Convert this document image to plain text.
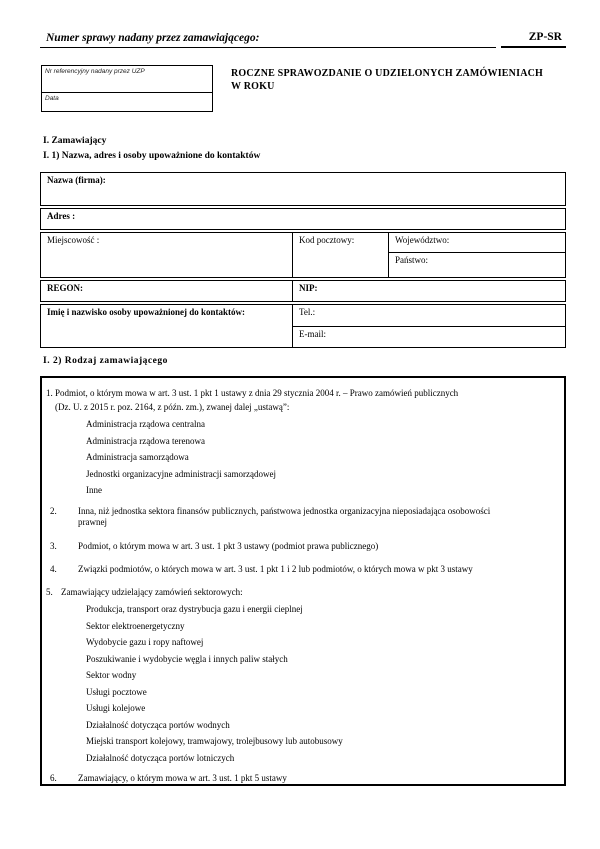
Numer sprawy nadany przez zamawiającego:	ZP-SR
Nr referencyjny nadany przez UZP
Data
ROCZNE SPRAWOZDANIE O UDZIELONYCH ZAMÓWIENIACH
W ROKU
I. Zamawiający
I. 1) Nazwa, adres i osoby upoważnione do kontaktów
Nazwa (firma):
Adres :
Miejscowość :	Kod pocztowy:	Województwo:
Państwo:
REGON:	NIP:
Imię i nazwisko osoby upoważnionej do kontaktów:	Tel.:
E-mail:
I. 2) Rodzaj zamawiającego
1. Podmiot, o którym mowa w art. 3 ust. 1 pkt 1 ustawy z dnia 29 stycznia 2004 r. – Prawo zamówień publicznych
(Dz. U. z 2015 r. poz. 2164, z późn. zm.), zwanej dalej „ustawą”:
Administracja rządowa centralna
Administracja rządowa terenowa
Administracja samorządowa
Jednostki organizacyjne administracji samorządowej
Inne
2.	Inna, niż jednostka sektora finansów publicznych, państwowa jednostka organizacyjna nieposiadająca osobowości prawnej
3.	Podmiot, o którym mowa w art. 3 ust. 1 pkt 3 ustawy (podmiot prawa publicznego)
4.	Związki podmiotów, o których mowa w art. 3 ust. 1 pkt 1 i 2 lub podmiotów, o których mowa w pkt 3 ustawy
5. Zamawiający udzielający zamówień sektorowych:
Produkcja, transport oraz dystrybucja gazu i energii cieplnej
Sektor elektroenergetyczny
Wydobycie gazu i ropy naftowej
Poszukiwanie i wydobycie węgla i innych paliw stałych
Sektor wodny
Usługi pocztowe
Usługi kolejowe
Działalność dotycząca portów wodnych
Miejski transport kolejowy, tramwajowy, trolejbusowy lub autobusowy
Działalność dotycząca portów lotniczych
6.	Zamawiający, o którym mowa w art. 3 ust. 1 pkt 5 ustawy
